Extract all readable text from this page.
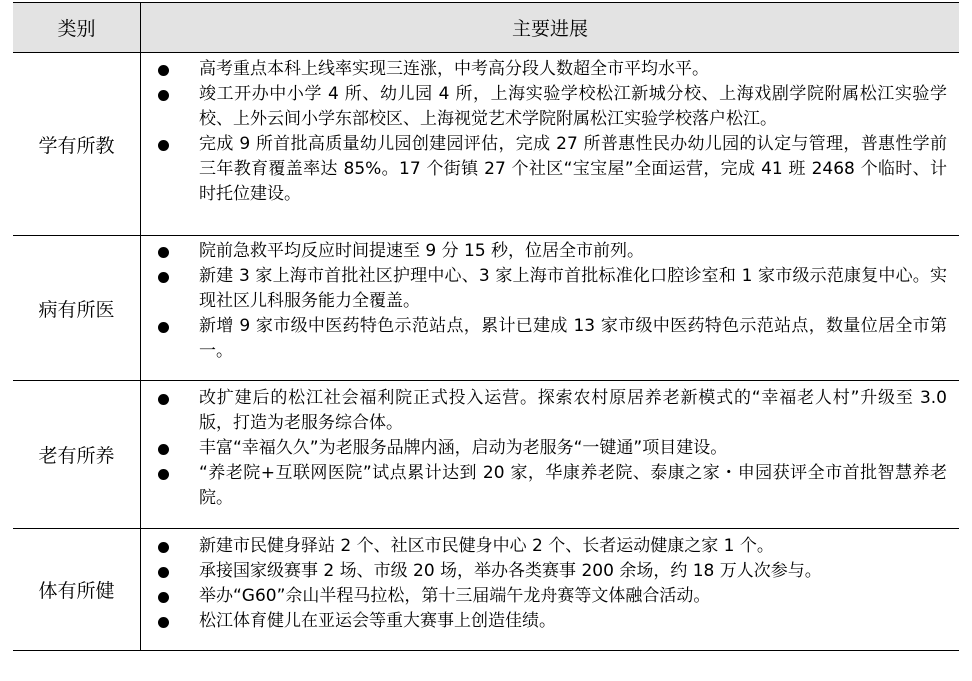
类别	主要进展
学有所教
高考重点本科上线率实现三连涨，中考高分段人数超全市平均水平。
竣工开办中小学 4 所、幼儿园 4 所，上海实验学校松江新城分校、上海戏剧学院附属松江实验学校、上外云间小学东部校区、上海视觉艺术学院附属松江实验学校落户松江。
完成 9 所首批高质量幼儿园创建园评估，完成 27 所普惠性民办幼儿园的认定与管理，普惠性学前三年教育覆盖率达 85%。17 个街镇 27 个社区“宝宝屋”全面运营，完成 41 班 2468 个临时、计时托位建设。
病有所医
院前急救平均反应时间提速至 9 分 15 秒，位居全市前列。
新建 3 家上海市首批社区护理中心、3 家上海市首批标准化口腔诊室和 1 家市级示范康复中心。实现社区儿科服务能力全覆盖。
新增 9 家市级中医药特色示范站点，累计已建成 13 家市级中医药特色示范站点，数量位居全市第一。
老有所养
改扩建后的松江社会福利院正式投入运营。探索农村原居养老新模式的“幸福老人村”升级至 3.0 版，打造为老服务综合体。
丰富“幸福久久”为老服务品牌内涵，启动为老服务“一键通”项目建设。
“养老院+互联网医院”试点累计达到 20 家，华康养老院、泰康之家・申园获评全市首批智慧养老院。
体有所健
新建市民健身驿站 2 个、社区市民健身中心 2 个、长者运动健康之家 1 个。
承接国家级赛事 2 场、市级 20 场，举办各类赛事 200 余场，约 18 万人次参与。
举办“G60”佘山半程马拉松，第十三届端午龙舟赛等文体融合活动。
松江体育健儿在亚运会等重大赛事上创造佳绩。
